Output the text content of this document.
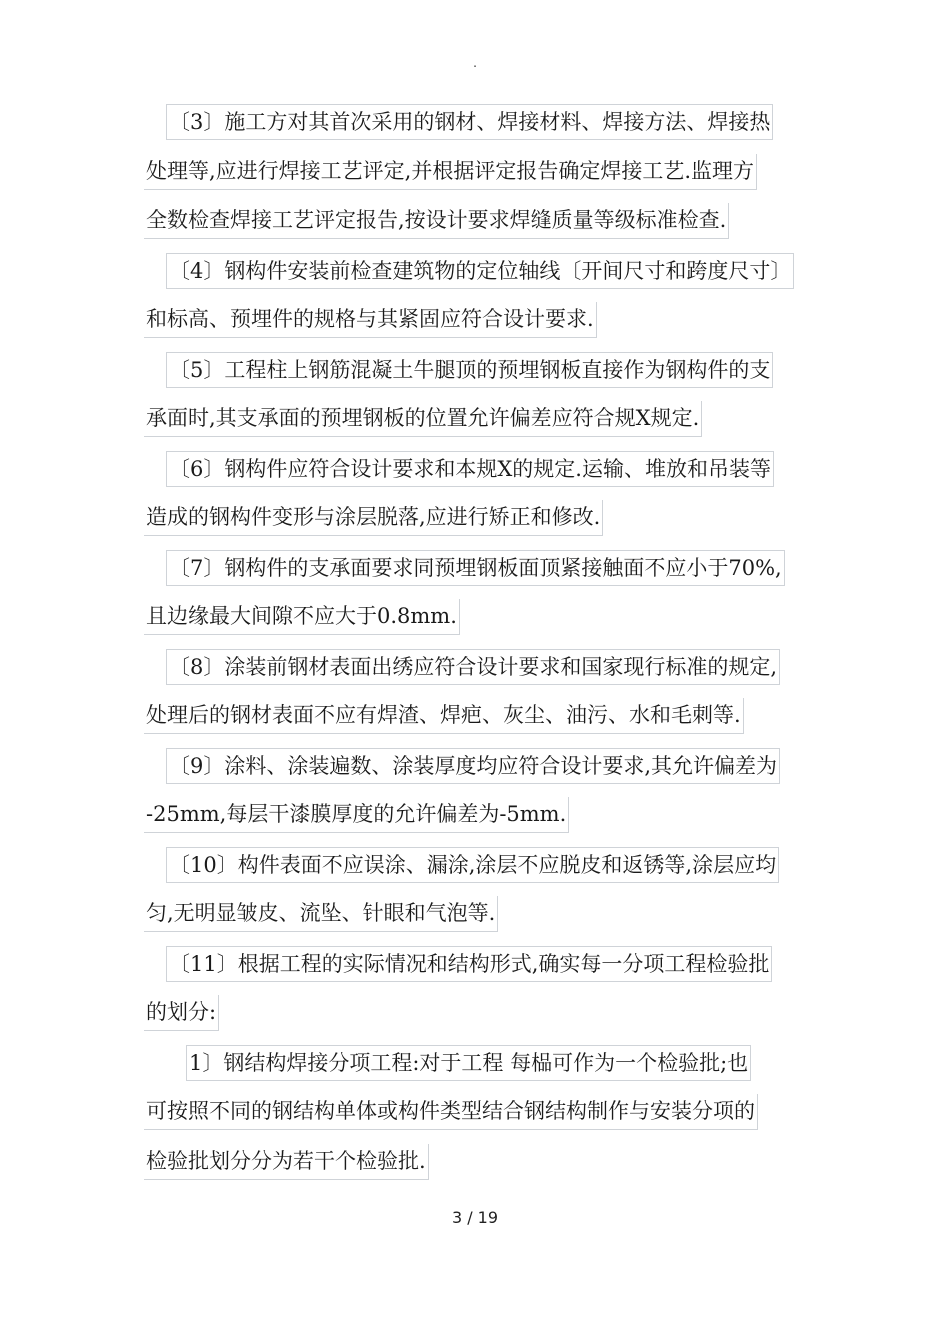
.
〔3〕施工方对其首次采用的钢材、焊接材料、焊接方法、焊接热
处理等,应进行焊接工艺评定,并根据评定报告确定焊接工艺.监理方
全数检查焊接工艺评定报告,按设计要求焊缝质量等级标准检查.
〔4〕钢构件安装前检查建筑物的定位轴线〔开间尺寸和跨度尺寸〕
和标高、预埋件的规格与其紧固应符合设计要求.
〔5〕工程柱上钢筋混凝土牛腿顶的预埋钢板直接作为钢构件的支
承面时,其支承面的预埋钢板的位置允许偏差应符合规X规定.
〔6〕钢构件应符合设计要求和本规X的规定.运输、堆放和吊装等
造成的钢构件变形与涂层脱落,应进行矫正和修改.
〔7〕钢构件的支承面要求同预埋钢板面顶紧接触面不应小于70%,
且边缘最大间隙不应大于0.8mm.
〔8〕涂装前钢材表面出绣应符合设计要求和国家现行标准的规定,
处理后的钢材表面不应有焊渣、焊疤、灰尘、油污、水和毛刺等.
〔9〕涂料、涂装遍数、涂装厚度均应符合设计要求,其允许偏差为
-25mm,每层干漆膜厚度的允许偏差为-5mm.
〔10〕构件表面不应误涂、漏涂,涂层不应脱皮和返锈等,涂层应均
匀,无明显皱皮、流坠、针眼和气泡等.
〔11〕根据工程的实际情况和结构形式,确实每一分项工程检验批
的划分:
1〕钢结构焊接分项工程:对于工程 每榀可作为一个检验批;也
可按照不同的钢结构单体或构件类型结合钢结构制作与安装分项的
检验批划分分为若干个检验批.
3 / 19
